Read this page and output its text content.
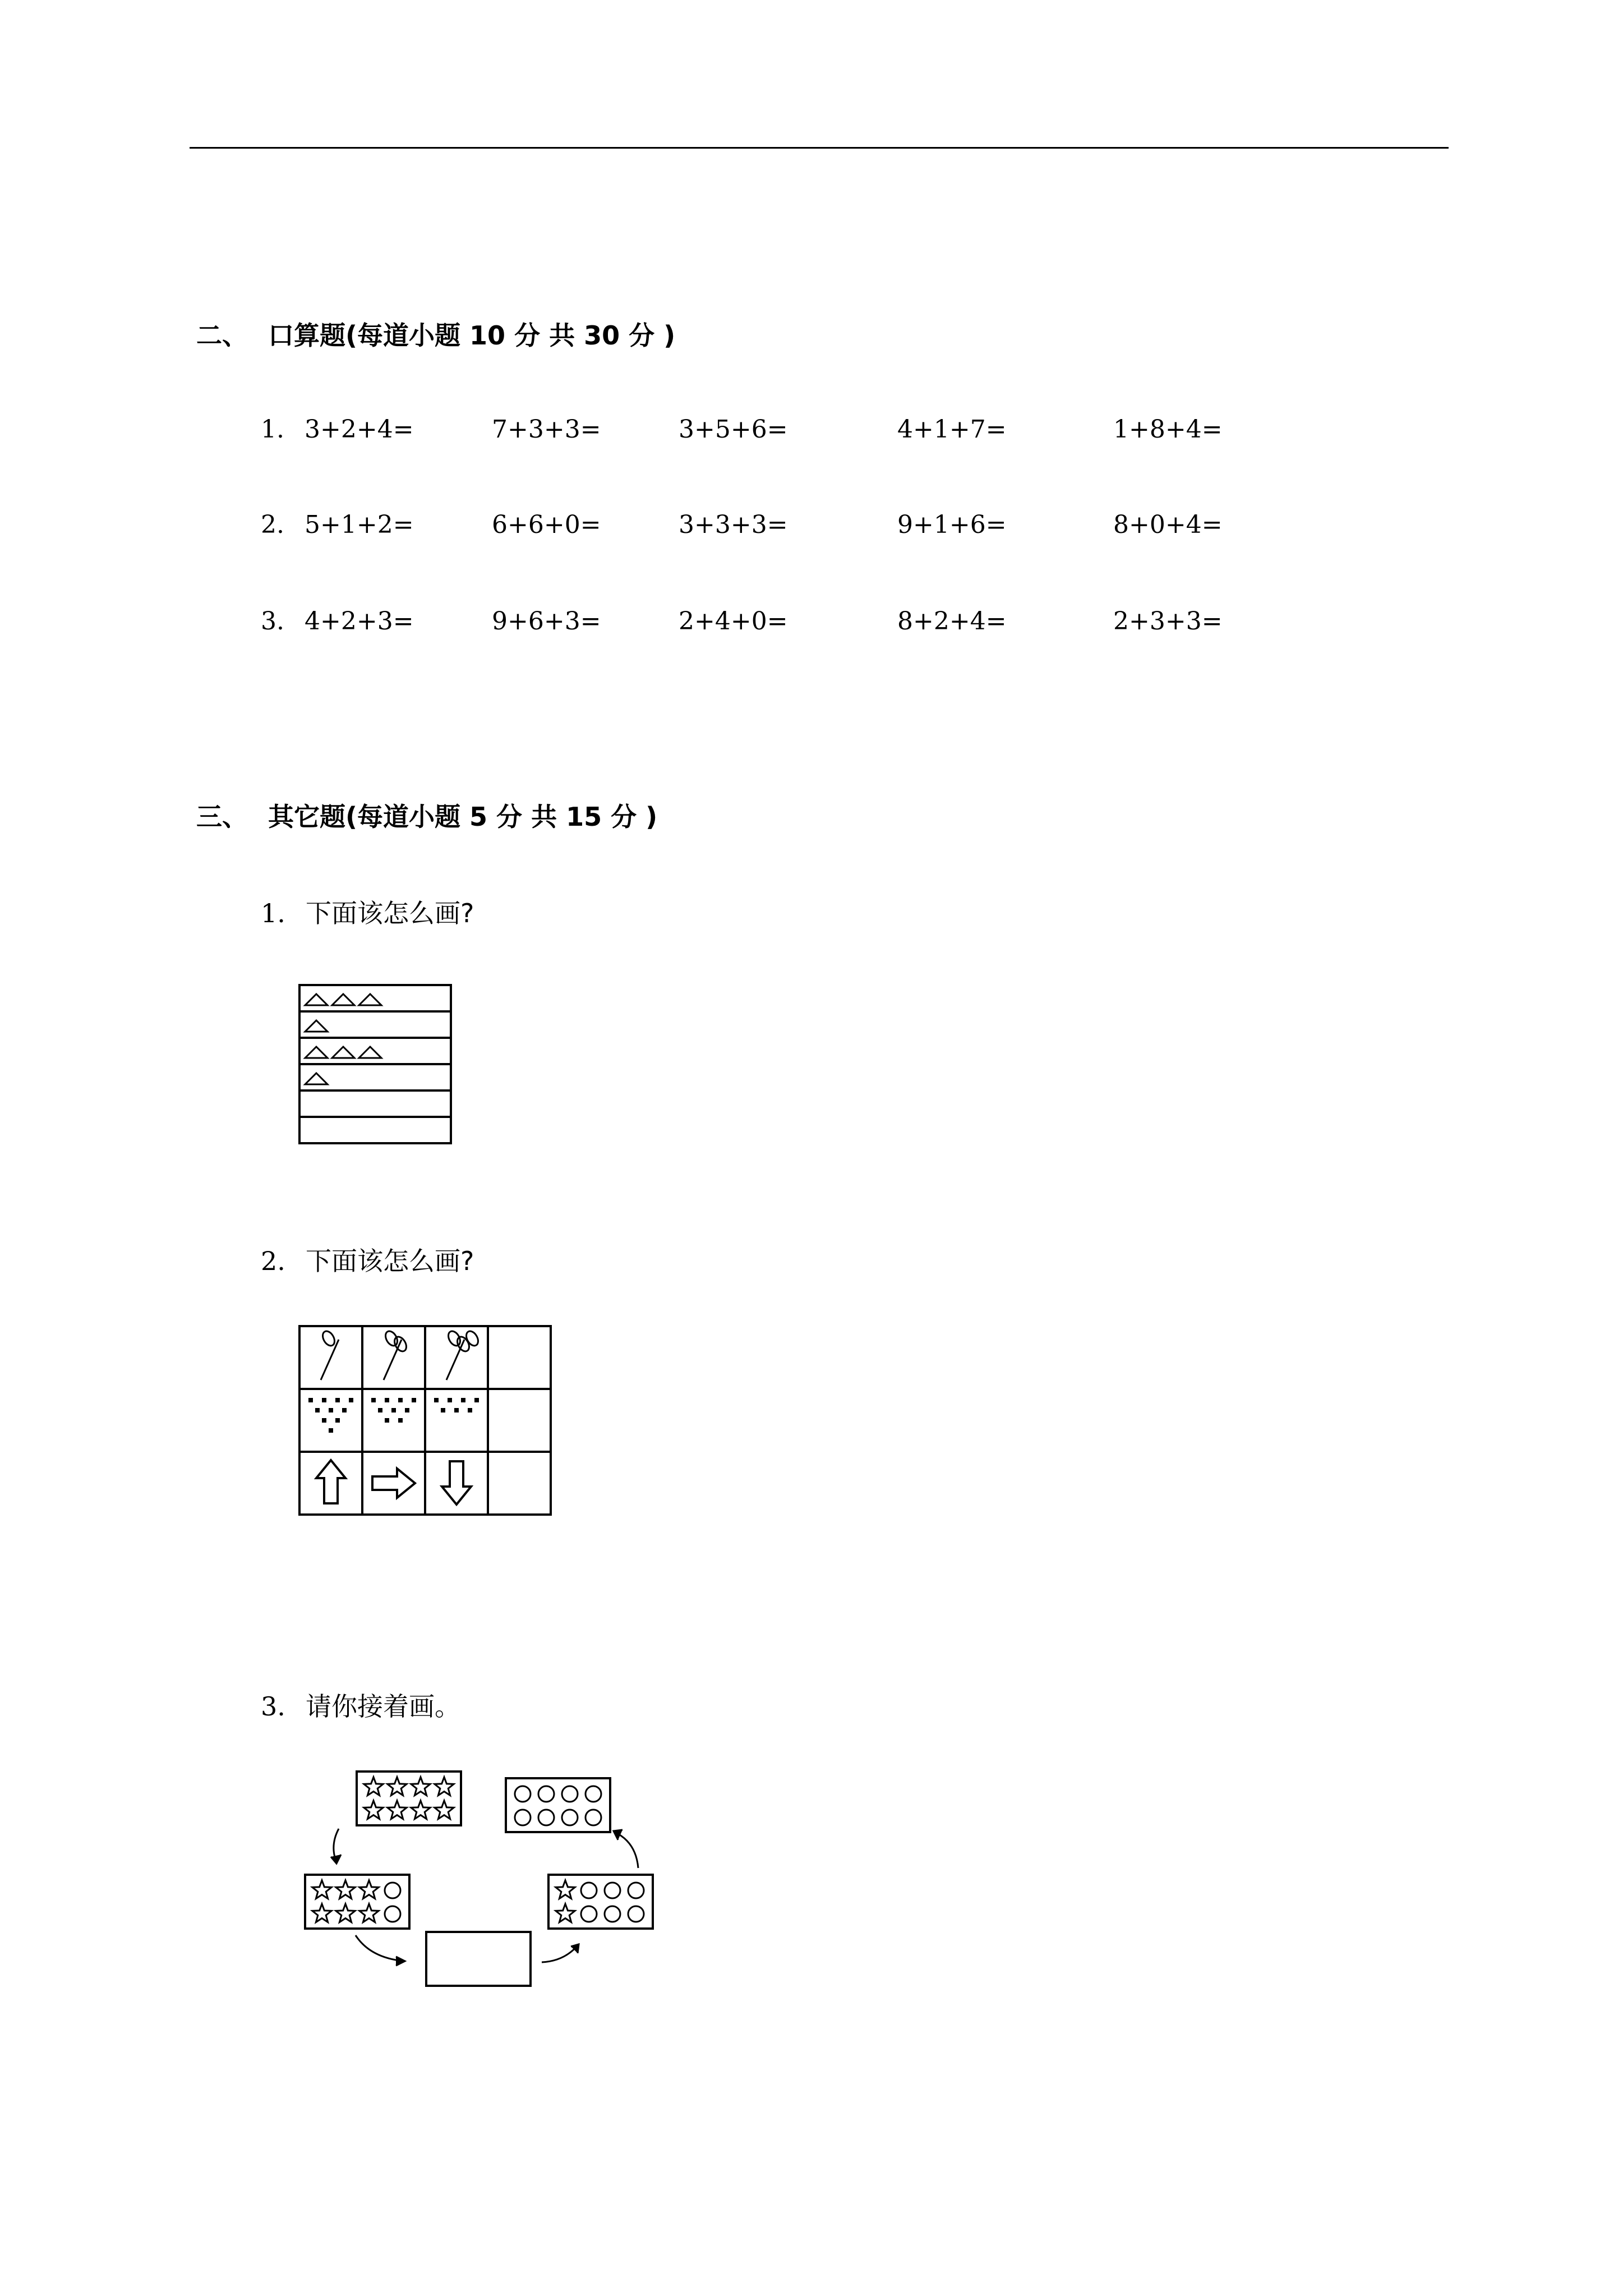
二、 口算题(每道小题 10 分 共 30 分 )
1. 3+2+4=	7+3+3=	3+5+6=	4+1+7=	1+8+4=
2. 5+1+2=	6+6+0=	3+3+3=	9+1+6=	8+0+4=
3. 4+2+3=	9+6+3=	2+4+0=	8+2+4=	2+3+3=
三、 其它题(每道小题 5 分 共 15 分 )
1. 下面该怎么画?
2. 下面该怎么画?
3. 请你接着画。
